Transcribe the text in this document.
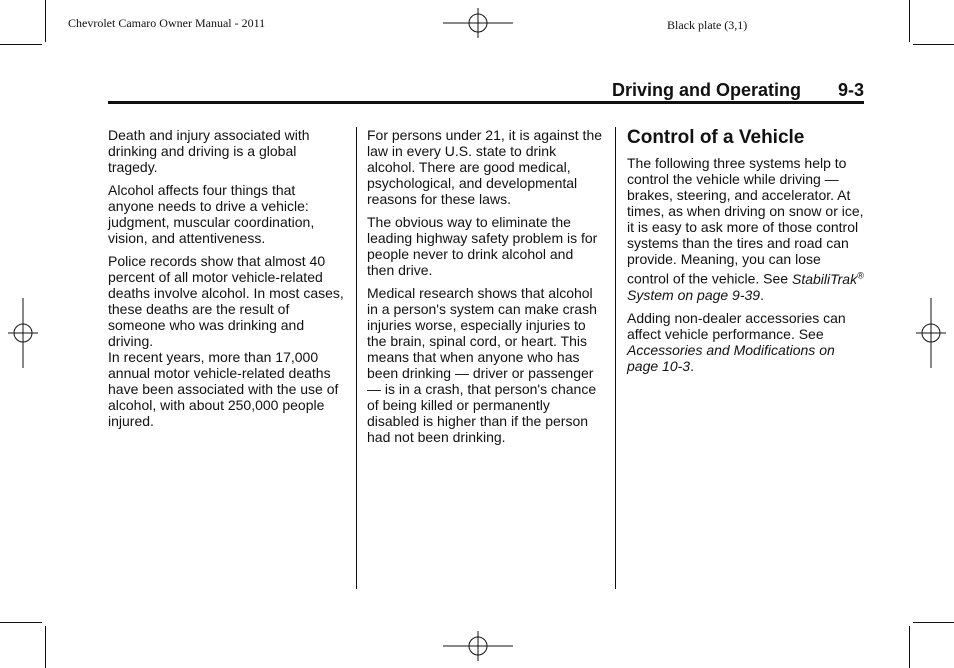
Chevrolet Camaro Owner Manual - 2011	Black plate (3,1)
Driving and Operating 9-3

Death and injury associated with drinking and driving is a global tragedy.

Alcohol affects four things that anyone needs to drive a vehicle: judgment, muscular coordination, vision, and attentiveness.

Police records show that almost 40 percent of all motor vehicle-related deaths involve alcohol. In most cases, these deaths are the result of someone who was drinking and driving.
In recent years, more than 17,000 annual motor vehicle-related deaths have been associated with the use of alcohol, with about 250,000 people injured.

For persons under 21, it is against the law in every U.S. state to drink alcohol. There are good medical, psychological, and developmental reasons for these laws.

The obvious way to eliminate the leading highway safety problem is for people never to drink alcohol and then drive.

Medical research shows that alcohol in a person's system can make crash injuries worse, especially injuries to the brain, spinal cord, or heart. This means that when anyone who has been drinking — driver or passenger — is in a crash, that person's chance of being killed or permanently disabled is higher than if the person had not been drinking.

Control of a Vehicle

The following three systems help to control the vehicle while driving — brakes, steering, and accelerator. At times, as when driving on snow or ice, it is easy to ask more of those control systems than the tires and road can provide. Meaning, you can lose control of the vehicle. See StabiliTrak® System on page 9-39.

Adding non-dealer accessories can affect vehicle performance. See Accessories and Modifications on page 10-3.
